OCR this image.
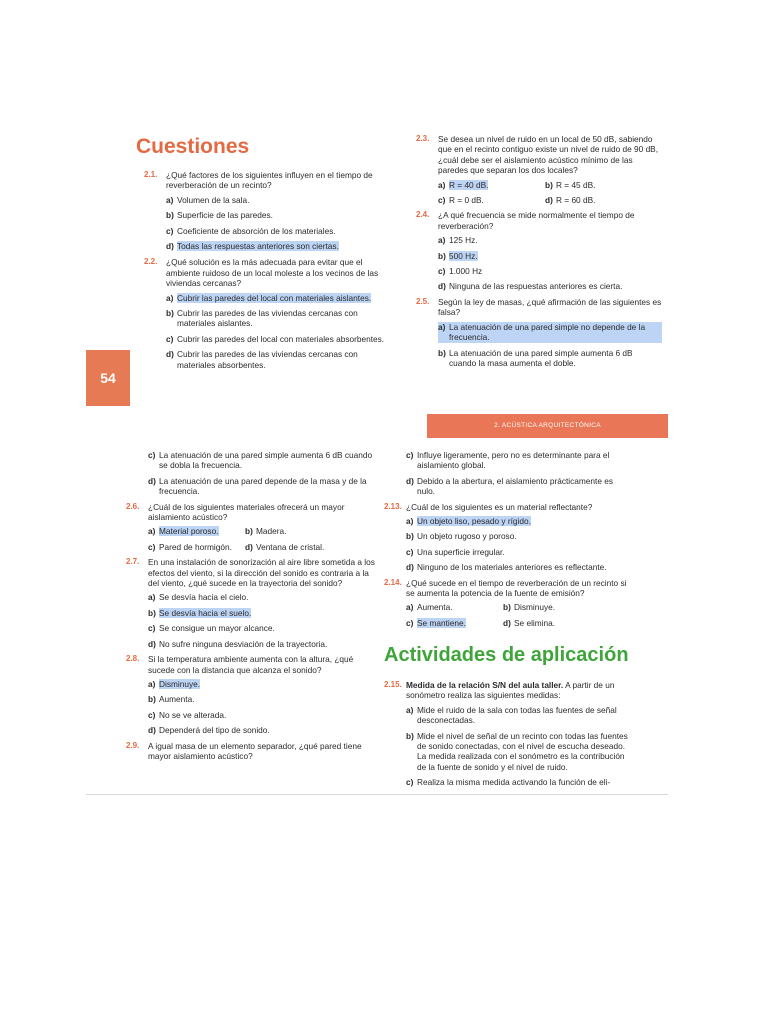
Cuestiones
54
2.1. ¿Qué factores de los siguientes influyen en el tiempo de reverberación de un recinto?
a) Volumen de la sala.
b) Superficie de las paredes.
c) Coeficiente de absorción de los materiales.
d) Todas las respuestas anteriores son ciertas.
2.2. ¿Qué solución es la más adecuada para evitar que el ambiente ruidoso de un local moleste a los vecinos de las viviendas cercanas?
a) Cubrir las paredes del local con materiales aislantes.
b) Cubrir las paredes de las viviendas cercanas con materiales aislantes.
c) Cubrir las paredes del local con materiales absorbentes.
d) Cubrir las paredes de las viviendas cercanas con materiales absorbentes.
2.3. Se desea un nivel de ruido en un local de 50 dB, sabiendo que en el recinto contiguo existe un nivel de ruido de 90 dB, ¿cuál debe ser el aislamiento acústico mínimo de las paredes que separan los dos locales?
a) R = 40 dB.	b) R = 45 dB.
c) R = 0 dB.	d) R = 60 dB.
2.4. ¿A qué frecuencia se mide normalmente el tiempo de reverberación?
a) 125 Hz.
b) 500 Hz.
c) 1.000 Hz
d) Ninguna de las respuestas anteriores es cierta.
2.5. Según la ley de masas, ¿qué afirmación de las siguientes es falsa?
a) La atenuación de una pared simple no depende de la frecuencia.
b) La atenuación de una pared simple aumenta 6 dB cuando la masa aumenta el doble.
2. ACÚSTICA ARQUITECTÓNICA
c) La atenuación de una pared simple aumenta 6 dB cuando se dobla la frecuencia.
d) La atenuación de una pared depende de la masa y de la frecuencia.
2.6. ¿Cuál de los siguientes materiales ofrecerá un mayor aislamiento acústico?
a) Material poroso.	b) Madera.
c) Pared de hormigón.	d) Ventana de cristal.
2.7. En una instalación de sonorización al aire libre sometida a los efectos del viento, si la dirección del sonido es contraria a la del viento, ¿qué sucede en la trayectoria del sonido?
a) Se desvía hacia el cielo.
b) Se desvía hacia el suelo.
c) Se consigue un mayor alcance.
d) No sufre ninguna desviación de la trayectoria.
2.8. Si la temperatura ambiente aumenta con la altura, ¿qué sucede con la distancia que alcanza el sonido?
a) Disminuye.
b) Aumenta.
c) No se ve alterada.
d) Dependerá del tipo de sonido.
2.9. A igual masa de un elemento separador, ¿qué pared tiene mayor aislamiento acústico?
c) Influye ligeramente, pero no es determinante para el aislamiento global.
d) Debido a la abertura, el aislamiento prácticamente es nulo.
2.13. ¿Cuál de los siguientes es un material reflectante?
a) Un objeto liso, pesado y rígido.
b) Un objeto rugoso y poroso.
c) Una superficie irregular.
d) Ninguno de los materiales anteriores es reflectante.
2.14. ¿Qué sucede en el tiempo de reverberación de un recinto si se aumenta la potencia de la fuente de emisión?
a) Aumenta.	b) Disminuye.
c) Se mantiene.	d) Se elimina.
Actividades de aplicación
2.15. Medida de la relación S/N del aula taller. A partir de un sonómetro realiza las siguientes medidas:
a) Mide el ruido de la sala con todas las fuentes de señal desconectadas.
b) Mide el nivel de señal de un recinto con todas las fuentes de sonido conectadas, con el nivel de escucha deseado. La medida realizada con el sonómetro es la contribución de la fuente de sonido y el nivel de ruido.
c) Realiza la misma medida activando la función de eli-
